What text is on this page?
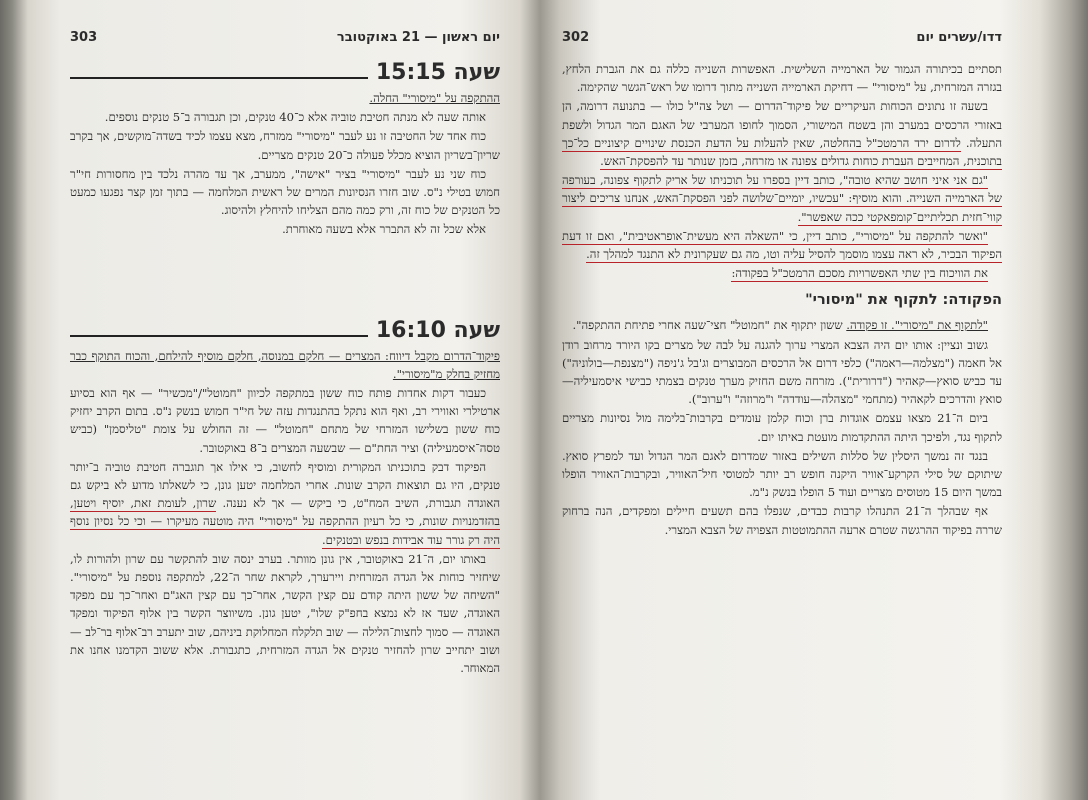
יום ראשון — 21 באוקטובר
303
שעה 15:15

ההתקפה על "מיסורי" החלה.

אותה שעה לא מנתה חטיבת טוביה אלא כ־40 טנקים, וכן תגבורה ב־5 טנקים נוספים.

כוח אחד של החטיבה זו נע לעבר "מיסורי" ממזרח, מצא עצמו לכיד בשדה־מוקשים, אך בקרב שריון־בשריון הוציא מכלל פעולה כ־20 טנקים מצריים.

כוח שני נע לעבר "מיסורי" בציר "אישה", ממערב, אך עד מהרה נלכד בין מחסורות חי"ר חמוש בטילי נ"ס. שוב חזרו הנסיונות המרים של ראשית המלחמה — בתוך זמן קצר נפגעו כמעט כל הטנקים של כוח זה, ורק כמה מהם הצליחו להיחלץ ולהיסוג.

אלא שכל זה לא התברר אלא בשעה מאוחרת.

שעה 16:10

פיקוד־הדרום מקבל דיווח: המצרים — חלקם במנוסה, חלקם מוסיף להילחם, והכוח התוקף כבר מחזיק בחלק מ"מיסורי".

כעבור דקות אחדות פותח כוח ששון במתקפה לכיוון "חמוטל"/"מכשיר" — אף הוא בסיוע ארטילרי ואווירי רב, ואף הוא נתקל בהתנגדות עזה של חי"ר חמוש בנשק נ"ס. בתום הקרב יחזיק כוח ששון בשלישו המזרחי של מתחם "חמוטל" — זה החולש על צומת "טליסמן" (כביש טסה־איסמעיליה) וציר החת"ם — שבשעה המצרים ב־8 באוקטובר.

הפיקוד דבק בתוכניתו המקורית ומוסיף לחשוב, כי אילו אך תוגברה חטיבת טוביה ב־יותר טנקים, היו גם תוצאות הקרב שונות. אחרי המלחמה יטען גונן, כי לשאלתו מדוע לא ביקש גם האוגדה תגבורת, השיב המח"ט, כי ביקש — אך לא נענה. שרון, לעומת זאת, יוסיף ויטען, בהזדמנויות שונות, כי כל רעיון ההתקפה על "מיסורי" היה מוטעה מעיקרו — וכי כל נסיון נוסף היה רק גורר עוד אבידות בנפש ובטנקים.

באותו יום, ה־21 באוקטובר, אין גונן מוותר. בערב ינסה שוב להתקשר עם שרון ולהורות לו, שיחזיר כוחות אל הגדה המזרחית ויירערך, לקראת שחר ה־22, למתקפה נוספת על "מיסורי". "השיחה של ששון היתה קודם עם קצין הקשר, אחר־כך עם קצין האג"ם ואחר־כך עם מפקד האוגדה, שעד אז לא נמצא בחפ"ק שלו", יטען גונן. משיווצר הקשר בין אלוף הפיקוד ומפקד האוגדה — סמוך לחצות־הלילה — שוב תלקלח המחלוקת ביניהם, שוב יתערב רב־אלוף בר־לב — ושוב יתחייב שרון להחזיר טנקים אל הגדה המזרחית, כתגבורת. אלא ששוב הקדמנו אחנו את המאוחר.

דדו/עשרים יום
302

תסתיים בכיתורה הגמור של הארמייה השלישית. האפשרות השנייה כללה גם את הגברת הלחץ, בגזרה המזרחית, על "מיסורי" — דחיקת הארמייה השנייה מתוך דרומו של ראש־הגשר שהקימה.

בשעה זו נתונים הכוחות העיקריים של פיקוד־הדרום — ושל צה"ל כולו — בתנועה דרומה, הן באזורי הרכסים במערב והן בשטח המישורי, הסמוך לחופו המערבי של האגם המר הגדול ולשפת התעלה. לדרום ירד הרמטכ"ל בהחלטה, שאין להעלות על הדעת הכנסת שינויים קיצוניים כל־כך בתוכנית, המחייבים העברת כוחות גדולים צפונה או מזרחה, בזמן שנותר עד להפסקת־האש.

"גם אני איני חושב שהיא טובה", כותב דיין בספרו על תוכניתו של אריק לתקוף צפונה, בעורפה של הארמייה השנייה. והוא מוסיף: "עכשיו, יומיים־שלושה לפני הפסקת־האש, אנחנו צריכים ליצור קווי־חזית תכליתיים־קומפאקטי ככה שאפשר".

"ואשר להתקפה על "מיסורי", כותב דיין, כי "השאלה היא מעשית־אופראטיבית", ואם זו דעת הפיקוד הבכיר, לא ראה עצמו מוסמך להסיל עליה וטו, מה גם שעקרונית לא התנגד למהלך זה.

את הוויכוח בין שתי האפשרויות מסכם הרמטכ"ל בפקודה:

הפקודה: לתקוף את "מיסורי"

"לתקוף את "מיסורי". זו פקודה. ששון יתקוף את "חמוטל" חצי־שעה אחרי פתיחת ההתקפה".

גשוב ונציין: אותו יום היה הצבא המצרי ערוך להגנה על לבה של מצרים בקו היורד מרחוב רודן אל חאמה ("מצלמה—ראמה") כלפי דרום אל הרכסים המבוצרים וג'בל ג'ניפה ("מצנפת—בולוניה") עד כביש סואץ—קאהיר ("דרורית"). מזרחה משם החזיק מערך טנקים בצמתי כבישי איסמעיליה—סואץ והדרכים לקאהיר (מתחמי "מצהלה—עודדה" ו"מרוזה" ו"ערוב").

ביום ה־21 מצאו עצמם אוגדות ברן וכוח קלמן עומדים בקרבות־בלימה מול נסיונות מצריים לתקוף נגד, ולפיכך היתה ההתקדמות מועטת באיתו יום.

בנגד זה נמשך היסלין של סללות השילים באזור שמדרום לאגם המר הגדול ועד למפרץ סואץ. שיתוקם של סילי הקרקע־אוויר היקנה חופש רב יותר למטוסי חיל־האוויר, ובקרבות־האוויר הופלו במשך היום 15 מטוסים מצריים ועוד 5 הופלו בנשק נ"מ.

אף שבהלך ה־21 התנהלו קרבות כבדים, שנפלו בהם תשעים חיילים ומפקדים, הנה ברחוק שררה בפיקוד ההרגשה שטרם ארעה ההתמוטטות הצפויה של הצבא המצרי.
